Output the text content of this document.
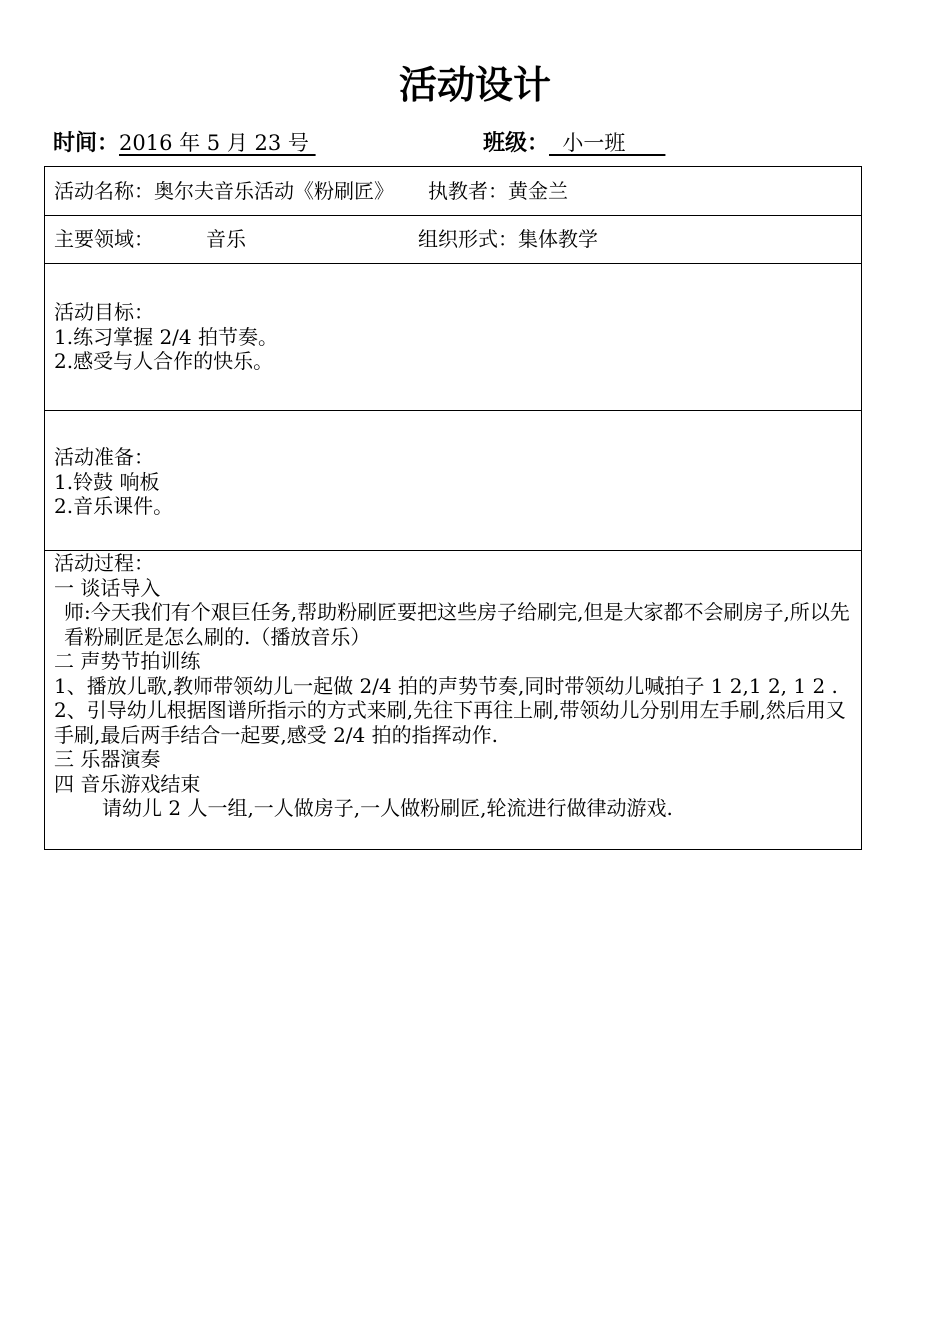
活动设计
时间：2016 年 5 月 23 号	班级：  小一班
活动名称：奥尔夫音乐活动《粉刷匠》 执教者：黄金兰
主要领域：	音乐	组织形式：集体教学

活动目标：
1.练习掌握 2/4 拍节奏。
2.感受与人合作的快乐。

活动准备：
1.铃鼓 响板
2.音乐课件。

活动过程：
一 谈话导入
师:今天我们有个艰巨任务,帮助粉刷匠要把这些房子给刷完,但是大家都不会刷房子,所以先看粉刷匠是怎么刷的.（播放音乐）
二 声势节拍训练
1、播放儿歌,教师带领幼儿一起做 2/4 拍的声势节奏,同时带领幼儿喊拍子 1 2,1 2, 1 2 .
2、引导幼儿根据图谱所指示的方式来刷,先往下再往上刷,带领幼儿分别用左手刷,然后用又手刷,最后两手结合一起要,感受 2/4 拍的指挥动作.
三 乐器演奏
四 音乐游戏结束
请幼儿 2 人一组,一人做房子,一人做粉刷匠,轮流进行做律动游戏.
